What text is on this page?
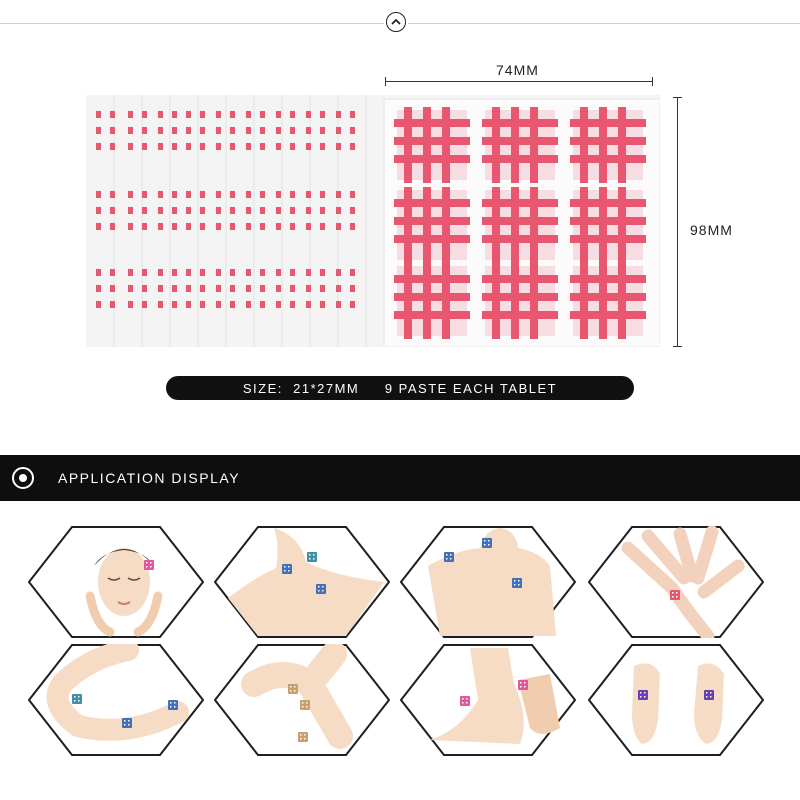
74MM
98MM
SIZE:  21*27MM     9 PASTE EACH TABLET
APPLICATION DISPLAY
